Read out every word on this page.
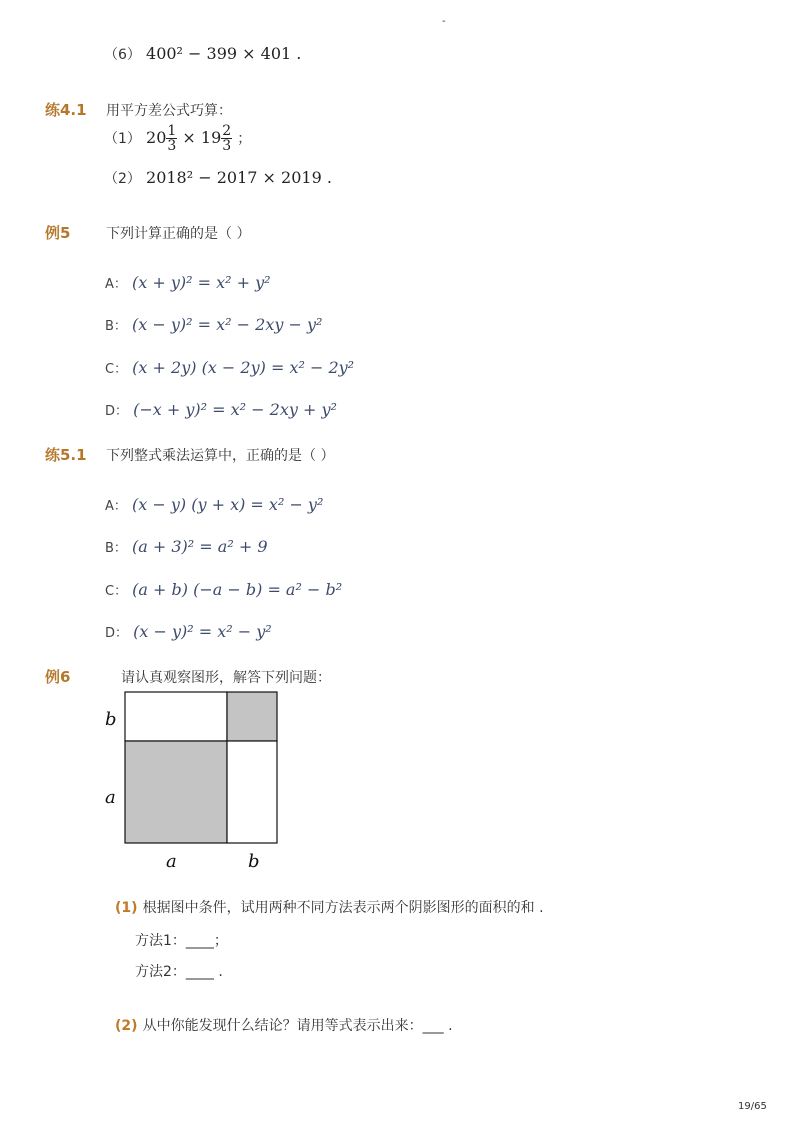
-
（6） 400² − 399 × 401 .
练4.1 用平方差公式巧算：
（1） $20 \frac{1}{3} \times 19 \frac{2}{3}$ ；
（2） 2018² − 2017 × 2019 .
例5	下列计算正确的是（ ）
A： (x + y)² = x² + y²
B： (x − y)² = x² − 2xy − y²
C： (x + 2y) (x − 2y) = x² − 2y²
D： (−x + y)² = x² − 2xy + y²
练5.1 下列整式乘法运算中，正确的是（ ）
A： (x − y) (y + x) = x² − y²
B： (a + 3)² = a² + 9
C： (a + b) (−a − b) = a² − b²
D： (x − y)² = x² − y²
例6	请认真观察图形，解答下列问题：
b
a
a	b
(1) 根据图中条件，试用两种不同方法表示两个阴影图形的面积的和 .
方法1：____；
方法2：____ .
(2) 从中你能发现什么结论？请用等式表示出来：___ .
19/65
